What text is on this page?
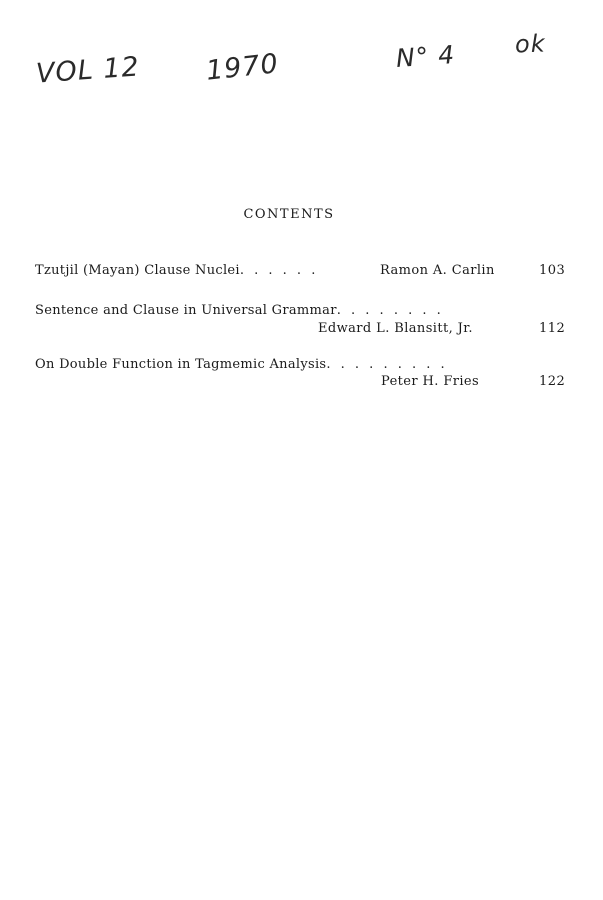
VOL 12 1970	N° 4 ok
CONTENTS
Tzutjil (Mayan) Clause Nuclei. . . . . .	Ramon A. Carlin	103
Sentence and Clause in Universal Grammar. . . . . . . .
Edward L. Blansitt, Jr.	112
On Double Function in Tagmemic Analysis. . . . . . . . .
Peter H. Fries	122
